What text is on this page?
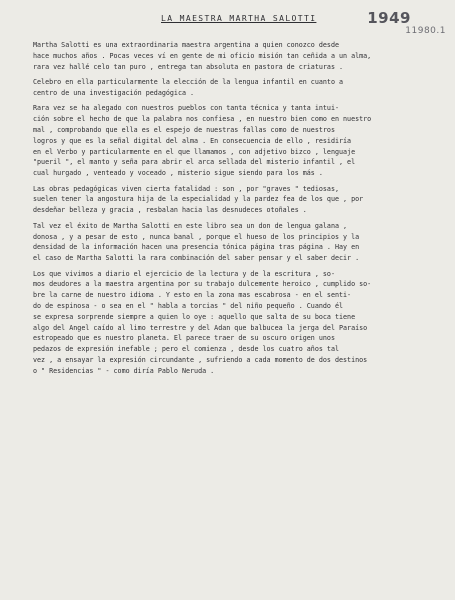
1949
11980.1
LA MAESTRA MARTHA SALOTTI
Martha Salotti es una extraordinaria maestra argentina a quien conozco desde
hace muchos años . Pocas veces ví en gente de mi oficio misión tan ceñida a un alma,
rara vez hallé celo tan puro , entrega tan absoluta en pastora de criaturas .
Celebro en ella particularmente la elección de la lengua infantil en cuanto a
centro de una investigación pedagógica .
Rara vez se ha alegado con nuestros pueblos con tanta técnica y tanta intui-
ción sobre el hecho de que la palabra nos confiesa , en nuestro bien como en nuestro
mal , comprobando que ella es el espejo de nuestras fallas como de nuestros
logros y que es la señal digital del alma . En consecuencia de ello , residiría
en el Verbo y particularmente en el que llamamos , con adjetivo bizco , lenguaje
"pueril ", el manto y seña para abrir el arca sellada del misterio infantil , el
cual hurgado , venteado y voceado , misterio sigue siendo para los más .
Las obras pedagógicas viven cierta fatalidad : son , por "graves " tediosas,
suelen tener la angostura hija de la especialidad y la pardez fea de los que , por
desdeñar belleza y gracia , resbalan hacia las desnudeces otoñales .
Tal vez el éxito de Martha Salotti en este libro sea un don de lengua galana ,
donosa , y a pesar de esto , nunca banal , porque el hueso de los principios y la
densidad de la información hacen una presencia tónica página tras página . Hay en
el caso de Martha Salotti la rara combinación del saber pensar y el saber decir .
Los que vivimos a diario el ejercicio de la lectura y de la escritura , so-
mos deudores a la maestra argentina por su trabajo dulcemente heroico , cumplido so-
bre la carne de nuestro idioma . Y esto en la zona mas escabrosa - en el senti-
do de espinosa - o sea en el " habla a torcias " del niño pequeño . Cuando él
se expresa sorprende siempre a quien lo oye : aquello que salta de su boca tiene
algo del Angel caído al limo terrestre y del Adan que balbucea la jerga del Paraíso
estropeado que es nuestro planeta. El parece traer de su oscuro origen unos
pedazos de expresión inefable ; pero el comienza , desde los cuatro años tal
vez , a ensayar la expresión circundante , sufriendo a cada momento de dos destinos
o " Residencias " - como diría Pablo Neruda .
